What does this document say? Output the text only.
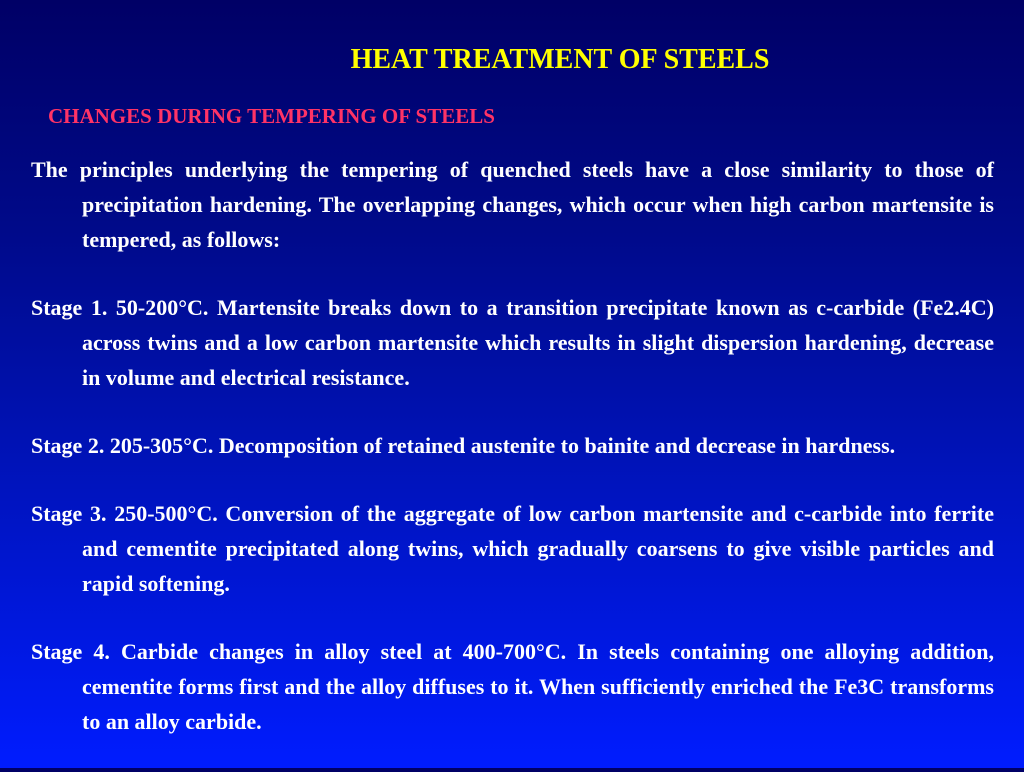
HEAT TREATMENT OF STEELS
CHANGES DURING TEMPERING OF STEELS

The principles underlying the tempering of quenched steels have a close similarity to those of precipitation hardening. The overlapping changes, which occur when high carbon martensite is tempered, as follows:

Stage 1. 50-200°C. Martensite breaks down to a transition precipitate known as c-carbide (Fe2.4C) across twins and a low carbon martensite which results in slight dispersion hardening, decrease in volume and electrical resistance.

Stage 2. 205-305°C. Decomposition of retained austenite to bainite and decrease in hardness.

Stage 3. 250-500°C. Conversion of the aggregate of low carbon martensite and c-carbide into ferrite and cementite precipitated along twins, which gradually coarsens to give visible particles and rapid softening.

Stage 4. Carbide changes in alloy steel at 400-700°C. In steels containing one alloying addition, cementite forms first and the alloy diffuses to it. When sufficiently enriched the Fe3C transforms to an alloy carbide.
